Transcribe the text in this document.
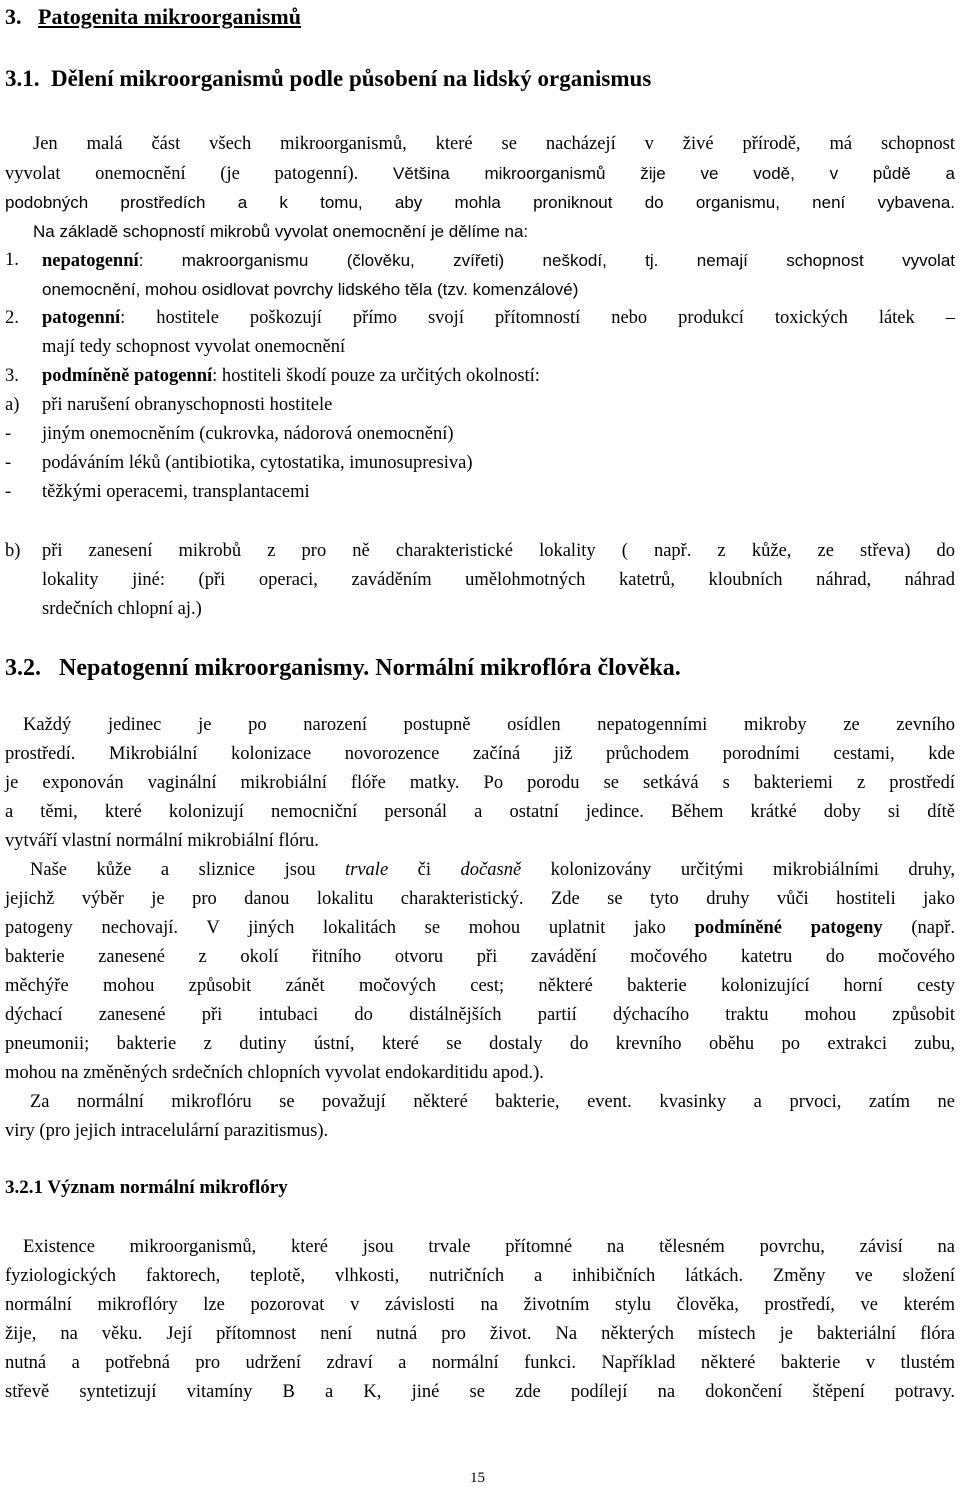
3. Patogenita mikroorganismů
3.1. Dělení mikroorganismů podle působení na lidský organismus
Jen malá část všech mikroorganismů, které se nacházejí v živé přírodě, má schopnost
vyvolat onemocnění (je patogenní). Většina mikroorganismů žije ve vodě, v půdě a
podobných prostředích a k tomu, aby mohla proniknout do organismu, není vybavena.
Na základě schopností mikrobů vyvolat onemocnění je dělíme na:
1. nepatogenní: makroorganismu (člověku, zvířeti) neškodí, tj. nemají schopnost vyvolat
onemocnění, mohou osidlovat povrchy lidského těla (tzv. komenzálové)
2. patogenní: hostitele poškozují přímo svojí přítomností nebo produkcí toxických látek –
mají tedy schopnost vyvolat onemocnění
3. podmíněně patogenní: hostiteli škodí pouze za určitých okolností:
a) při narušení obranyschopnosti hostitele
- jiným onemocněním (cukrovka, nádorová onemocnění)
- podáváním léků (antibiotika, cytostatika, imunosupresiva)
- těžkými operacemi, transplantacemi
b) při zanesení mikrobů z pro ně charakteristické lokality ( např. z kůže, ze střeva) do
lokality jiné: (při operaci, zaváděním umělohmotných katetrů, kloubních náhrad, náhrad
srdečních chlopní aj.)
3.2. Nepatogenní mikroorganismy. Normální mikroflóra člověka.
Každý jedinec je po narození postupně osídlen nepatogenními mikroby ze zevního
prostředí. Mikrobiální kolonizace novorozence začíná již průchodem porodními cestami, kde
je exponován vaginální mikrobiální flóře matky. Po porodu se setkává s bakteriemi z prostředí
a těmi, které kolonizují nemocniční personál a ostatní jedince. Během krátké doby si dítě
vytváří vlastní normální mikrobiální flóru.
Naše kůže a sliznice jsou trvale či dočasně kolonizovány určitými mikrobiálními druhy,
jejichž výběr je pro danou lokalitu charakteristický. Zde se tyto druhy vůči hostiteli jako
patogeny nechovají. V jiných lokalitách se mohou uplatnit jako podmíněné patogeny (např.
bakterie zanesené z okolí řitního otvoru při zavádění močového katetru do močového
měchýře mohou způsobit zánět močových cest; některé bakterie kolonizující horní cesty
dýchací zanesené při intubaci do distálnějších partií dýchacího traktu mohou způsobit
pneumonii; bakterie z dutiny ústní, které se dostaly do krevního oběhu po extrakci zubu,
mohou na změněných srdečních chlopních vyvolat endokarditidu apod.).
Za normální mikroflóru se považují některé bakterie, event. kvasinky a prvoci, zatím ne
viry (pro jejich intracelulární parazitismus).
3.2.1 Význam normální mikroflóry
Existence mikroorganismů, které jsou trvale přítomné na tělesném povrchu, závisí na
fyziologických faktorech, teplotě, vlhkosti, nutričních a inhibičních látkách. Změny ve složení
normální mikroflóry lze pozorovat v závislosti na životním stylu člověka, prostředí, ve kterém
žije, na věku. Její přítomnost není nutná pro život. Na některých místech je bakteriální flóra
nutná a potřebná pro udržení zdraví a normální funkci. Například některé bakterie v tlustém
střevě syntetizují vitamíny B a K, jiné se zde podílejí na dokončení štěpení potravy.
15
